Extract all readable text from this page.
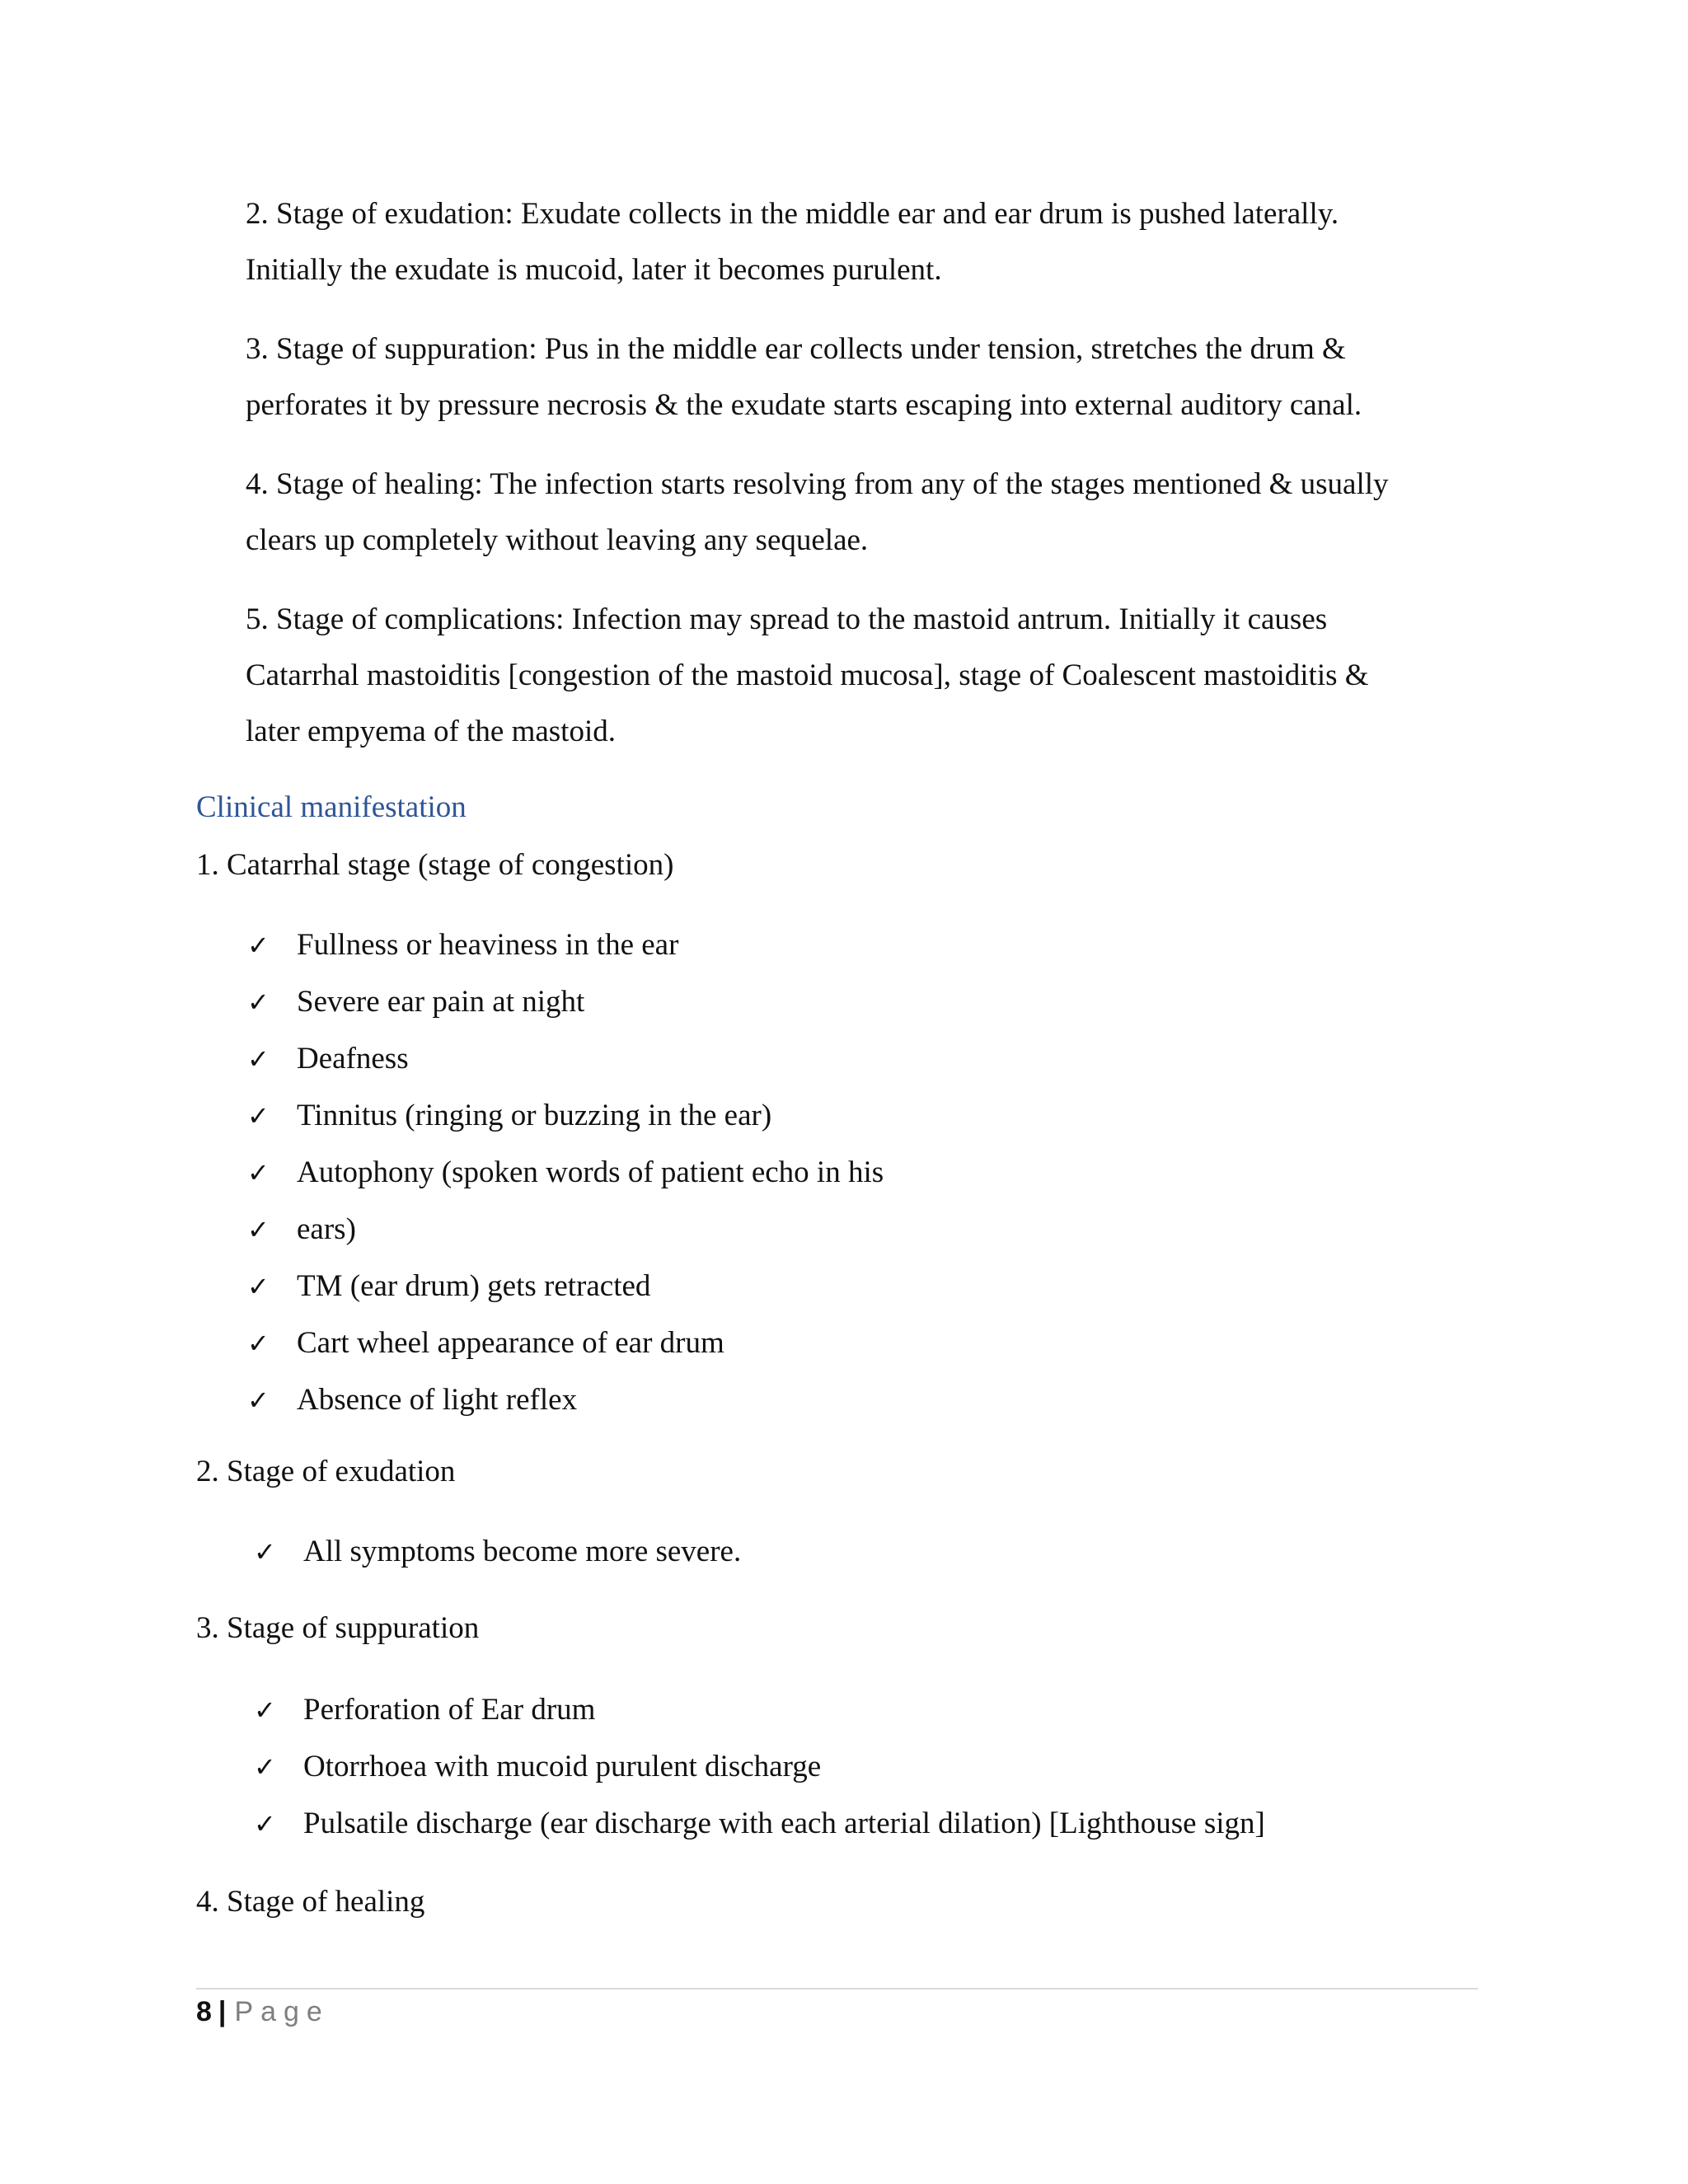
2. Stage of exudation: Exudate collects in the middle ear and ear drum is pushed laterally.
Initially the exudate is mucoid, later it becomes purulent.

3. Stage of suppuration: Pus in the middle ear collects under tension, stretches the drum &
perforates it by pressure necrosis & the exudate starts escaping into external auditory canal.

4. Stage of healing: The infection starts resolving from any of the stages mentioned & usually
clears up completely without leaving any sequelae.

5. Stage of complications: Infection may spread to the mastoid antrum. Initially it causes
Catarrhal mastoiditis [congestion of the mastoid mucosa], stage of Coalescent mastoiditis &
later empyema of the mastoid.

Clinical manifestation

1. Catarrhal stage (stage of congestion)

✓ Fullness or heaviness in the ear
✓ Severe ear pain at night
✓ Deafness
✓ Tinnitus (ringing or buzzing in the ear)
✓ Autophony (spoken words of patient echo in his
✓ ears)
✓ TM (ear drum) gets retracted
✓ Cart wheel appearance of ear drum
✓ Absence of light reflex

2. Stage of exudation

✓ All symptoms become more severe.

3. Stage of suppuration

✓ Perforation of Ear drum
✓ Otorrhoea with mucoid purulent discharge
✓ Pulsatile discharge (ear discharge with each arterial dilation) [Lighthouse sign]

4. Stage of healing

8 | Page
